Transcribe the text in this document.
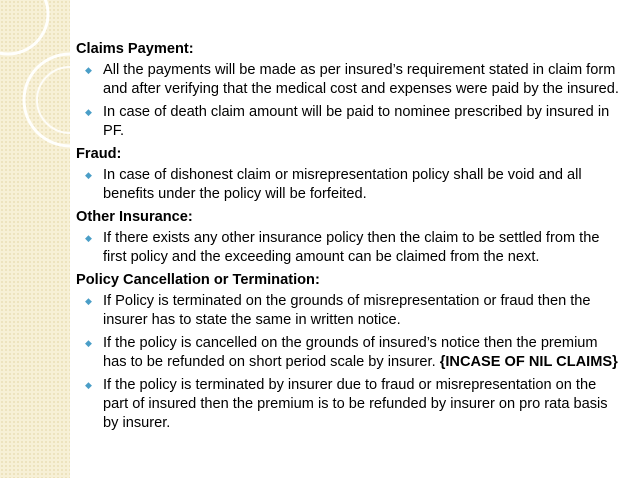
Claims Payment:
◆ All the payments will be made as per insured’s requirement stated in claim form and after verifying that the medical cost and expenses were paid by the insured.
◆ In case of death claim amount will be paid to nominee prescribed by insured in PF.
Fraud:
◆ In case of dishonest claim or misrepresentation policy shall be void and all benefits under the policy will be forfeited.
Other Insurance:
◆ If there exists any other insurance policy then the claim to be settled from the first policy and the exceeding amount can be claimed from the next.
Policy Cancellation or Termination:
◆ If Policy is terminated on the grounds of misrepresentation or fraud then the insurer has to state the same in written notice.
◆ If the policy is cancelled on the grounds of insured’s notice then the premium has to be refunded on short period scale by insurer. {INCASE OF NIL CLAIMS}
◆ If the policy is terminated by insurer due to fraud or misrepresentation on the part of insured then the premium is to be refunded by insurer on pro rata basis by insurer.
